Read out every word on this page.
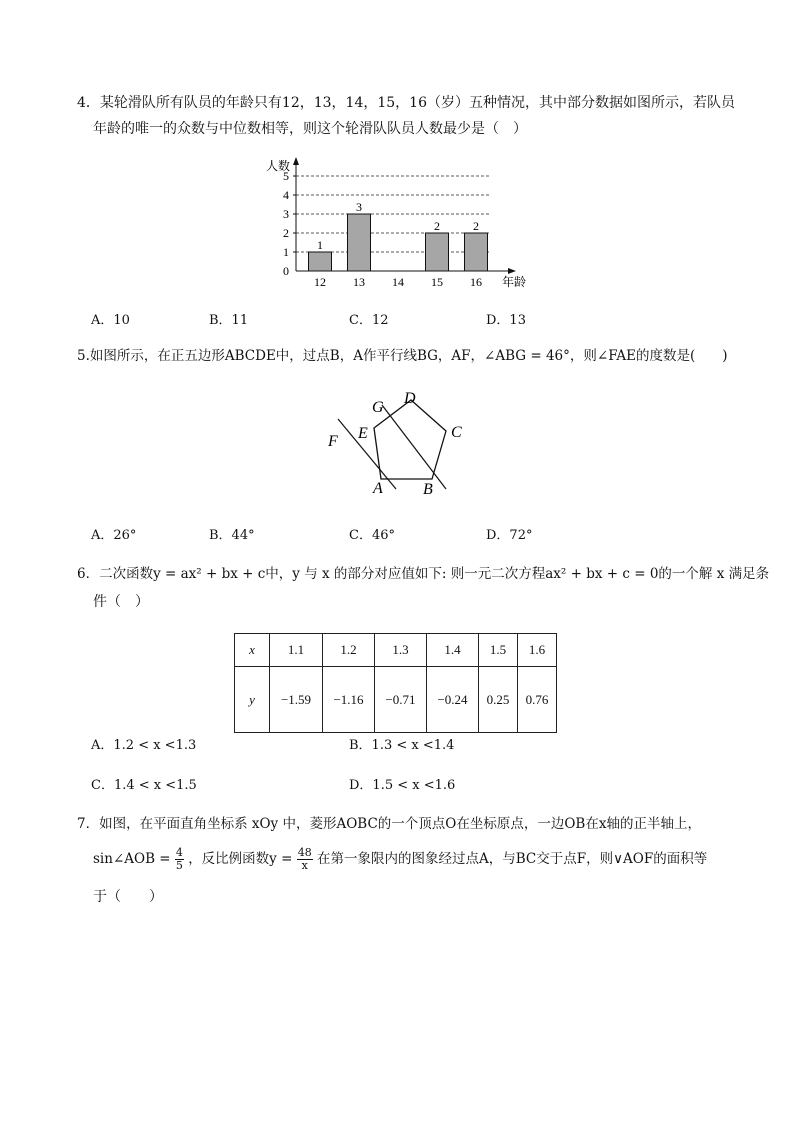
4．某轮滑队所有队员的年龄只有12，13，14，15，16（岁）五种情况，其中部分数据如图所示，若队员
年龄的唯一的众数与中位数相等，则这个轮滑队队员人数最少是（　）
人数
年龄
0
1
2
3
4
5
1
12
3
13 14
2
15
2
16
A．10	B．11	C．12	D．13
5.如图所示，在正五边形ABCDE中，过点B，A作平行线BG，AF，∠ABG = 46°，则∠FAE的度数是(　　)
D
G
C
E
F
A	B
A．26°	B．44°	C．46°	D．72°
6．二次函数y = ax² + bx + c中，y 与 x 的部分对应值如下: 则一元二次方程ax² + bx + c = 0的一个解 x 满足条
件（　）
x	1.1	1.2	1.3	1.4	1.5	1.6
y	−1.59	−1.16	−0.71	−0.24	0.25	0.76
A．1.2 < x <1.3	B．1.3 < x <1.4
C．1.4 < x <1.5	D．1.5 < x <1.6
7．如图，在平面直角坐标系 xOy 中，菱形AOBC的一个顶点O在坐标原点，一边OB在x轴的正半轴上，
sin∠AOB = $\frac{4}{5}$ ，反比例函数$y = \frac{48}{x}$ 在第一象限内的图象经过点A，与BC交于点F，则∨AOF的面积等
于（　　）
